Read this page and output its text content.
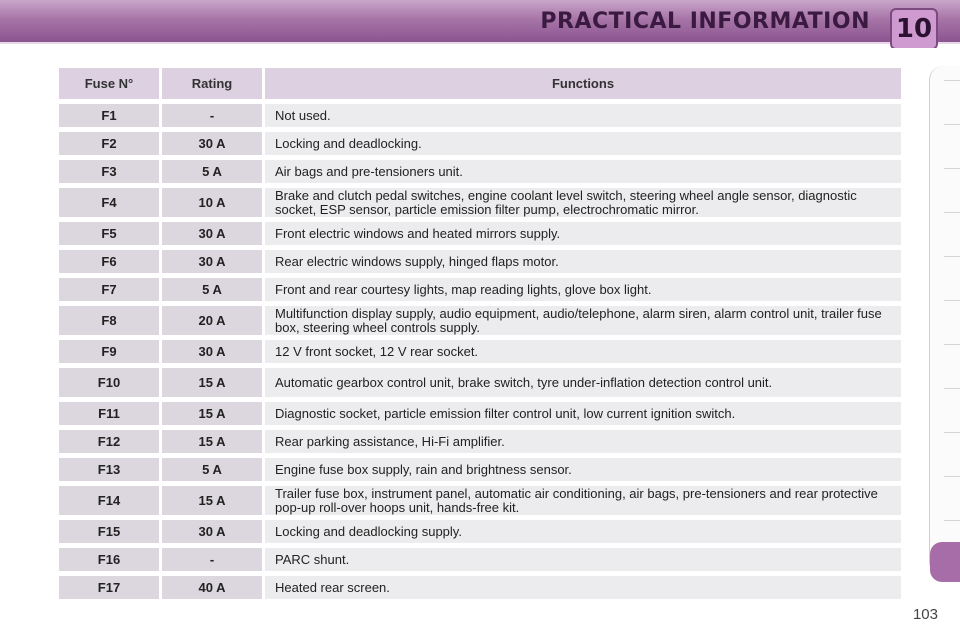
PRACTICAL INFORMATION 10
Fuse N°	Rating	Functions
F1	-	Not used.
F2	30 A	Locking and deadlocking.
F3	5 A	Air bags and pre-tensioners unit.
F4	10 A	Brake and clutch pedal switches, engine coolant level switch, steering wheel angle sensor, diagnostic socket, ESP sensor, particle emission filter pump, electrochromatic mirror.
F5	30 A	Front electric windows and heated mirrors supply.
F6	30 A	Rear electric windows supply, hinged flaps motor.
F7	5 A	Front and rear courtesy lights, map reading lights, glove box light.
F8	20 A	Multifunction display supply, audio equipment, audio/telephone, alarm siren, alarm control unit, trailer fuse box, steering wheel controls supply.
F9	30 A	12 V front socket, 12 V rear socket.
F10	15 A	Automatic gearbox control unit, brake switch, tyre under-inflation detection control unit.
F11	15 A	Diagnostic socket, particle emission filter control unit, low current ignition switch.
F12	15 A	Rear parking assistance, Hi-Fi amplifier.
F13	5 A	Engine fuse box supply, rain and brightness sensor.
F14	15 A	Trailer fuse box, instrument panel, automatic air conditioning, air bags, pre-tensioners and rear protective pop-up roll-over hoops unit, hands-free kit.
F15	30 A	Locking and deadlocking supply.
F16	-	PARC shunt.
F17	40 A	Heated rear screen.
103
